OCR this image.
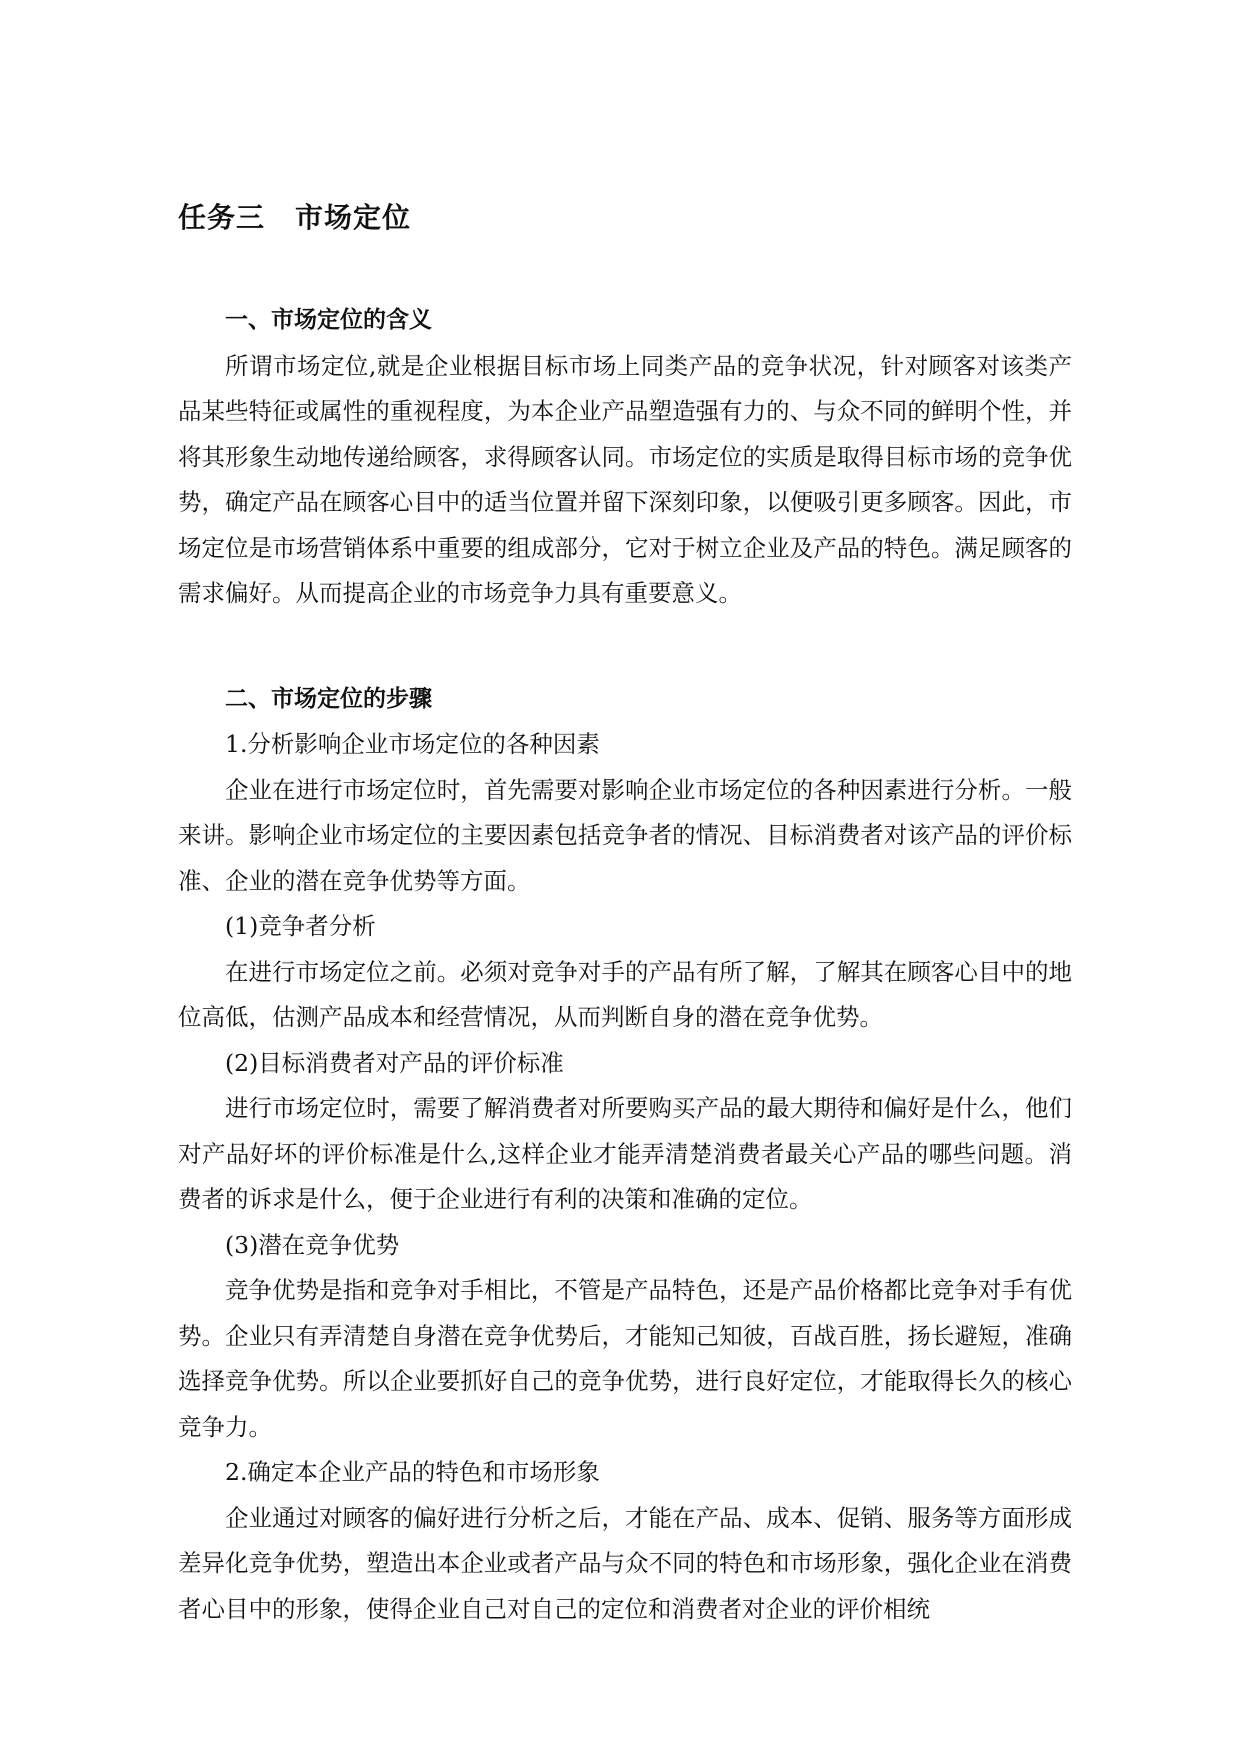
任务三 市场定位

一、市场定位的含义

所谓市场定位,就是企业根据目标市场上同类产品的竞争状况，针对顾客对该类产品某些特征或属性的重视程度，为本企业产品塑造强有力的、与众不同的鲜明个性，并将其形象生动地传递给顾客，求得顾客认同。市场定位的实质是取得目标市场的竞争优势，确定产品在顾客心目中的适当位置并留下深刻印象，以便吸引更多顾客。因此，市场定位是市场营销体系中重要的组成部分，它对于树立企业及产品的特色。满足顾客的需求偏好。从而提高企业的市场竞争力具有重要意义。

二、市场定位的步骤

1.分析影响企业市场定位的各种因素

企业在进行市场定位时，首先需要对影响企业市场定位的各种因素进行分析。一般来讲。影响企业市场定位的主要因素包括竞争者的情况、目标消费者对该产品的评价标准、企业的潜在竞争优势等方面。

(1)竞争者分析

在进行市场定位之前。必须对竞争对手的产品有所了解，了解其在顾客心目中的地位高低，估测产品成本和经营情况，从而判断自身的潜在竞争优势。

(2)目标消费者对产品的评价标准

进行市场定位时，需要了解消费者对所要购买产品的最大期待和偏好是什么，他们对产品好坏的评价标准是什么,这样企业才能弄清楚消费者最关心产品的哪些问题。消费者的诉求是什么，便于企业进行有利的决策和准确的定位。

(3)潜在竞争优势

竞争优势是指和竞争对手相比，不管是产品特色，还是产品价格都比竞争对手有优势。企业只有弄清楚自身潜在竞争优势后，才能知己知彼，百战百胜，扬长避短，准确选择竞争优势。所以企业要抓好自己的竞争优势，进行良好定位，才能取得长久的核心竞争力。

2.确定本企业产品的特色和市场形象

企业通过对顾客的偏好进行分析之后，才能在产品、成本、促销、服务等方面形成差异化竞争优势，塑造出本企业或者产品与众不同的特色和市场形象，强化企业在消费者心目中的形象，使得企业自己对自己的定位和消费者对企业的评价相统
